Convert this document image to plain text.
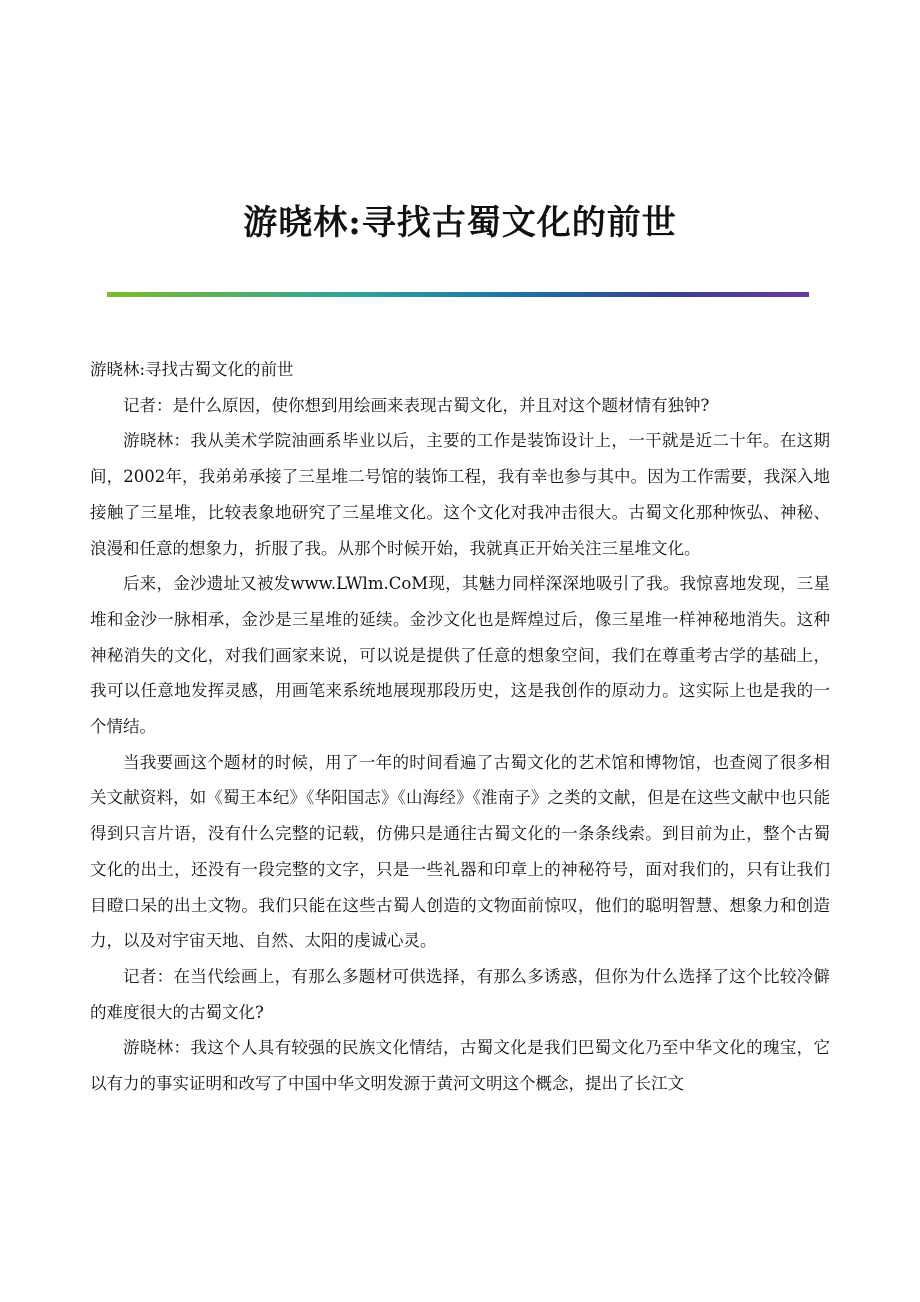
游晓林:寻找古蜀文化的前世

游晓林:寻找古蜀文化的前世

记者：是什么原因，使你想到用绘画来表现古蜀文化，并且对这个题材情有独钟?

游晓林：我从美术学院油画系毕业以后，主要的工作是装饰设计上，一干就是近二十年。在这期间，2002年，我弟弟承接了三星堆二号馆的装饰工程，我有幸也参与其中。因为工作需要，我深入地接触了三星堆，比较表象地研究了三星堆文化。这个文化对我冲击很大。古蜀文化那种恢弘、神秘、浪漫和任意的想象力，折服了我。从那个时候开始，我就真正开始关注三星堆文化。

后来，金沙遗址又被发www.LWlm.CoM现，其魅力同样深深地吸引了我。我惊喜地发现，三星堆和金沙一脉相承，金沙是三星堆的延续。金沙文化也是辉煌过后，像三星堆一样神秘地消失。这种神秘消失的文化，对我们画家来说，可以说是提供了任意的想象空间，我们在尊重考古学的基础上，我可以任意地发挥灵感，用画笔来系统地展现那段历史，这是我创作的原动力。这实际上也是我的一个情结。

当我要画这个题材的时候，用了一年的时间看遍了古蜀文化的艺术馆和博物馆，也查阅了很多相关文献资料，如《蜀王本纪》《华阳国志》《山海经》《淮南子》之类的文献，但是在这些文献中也只能得到只言片语，没有什么完整的记载，仿佛只是通往古蜀文化的一条条线索。到目前为止，整个古蜀文化的出土，还没有一段完整的文字，只是一些礼器和印章上的神秘符号，面对我们的，只有让我们目瞪口呆的出土文物。我们只能在这些古蜀人创造的文物面前惊叹，他们的聪明智慧、想象力和创造力，以及对宇宙天地、自然、太阳的虔诚心灵。

记者：在当代绘画上，有那么多题材可供选择，有那么多诱惑，但你为什么选择了这个比较冷僻的难度很大的古蜀文化?

游晓林：我这个人具有较强的民族文化情结，古蜀文化是我们巴蜀文化乃至中华文化的瑰宝，它以有力的事实证明和改写了中国中华文明发源于黄河文明这个概念，提出了长江文
